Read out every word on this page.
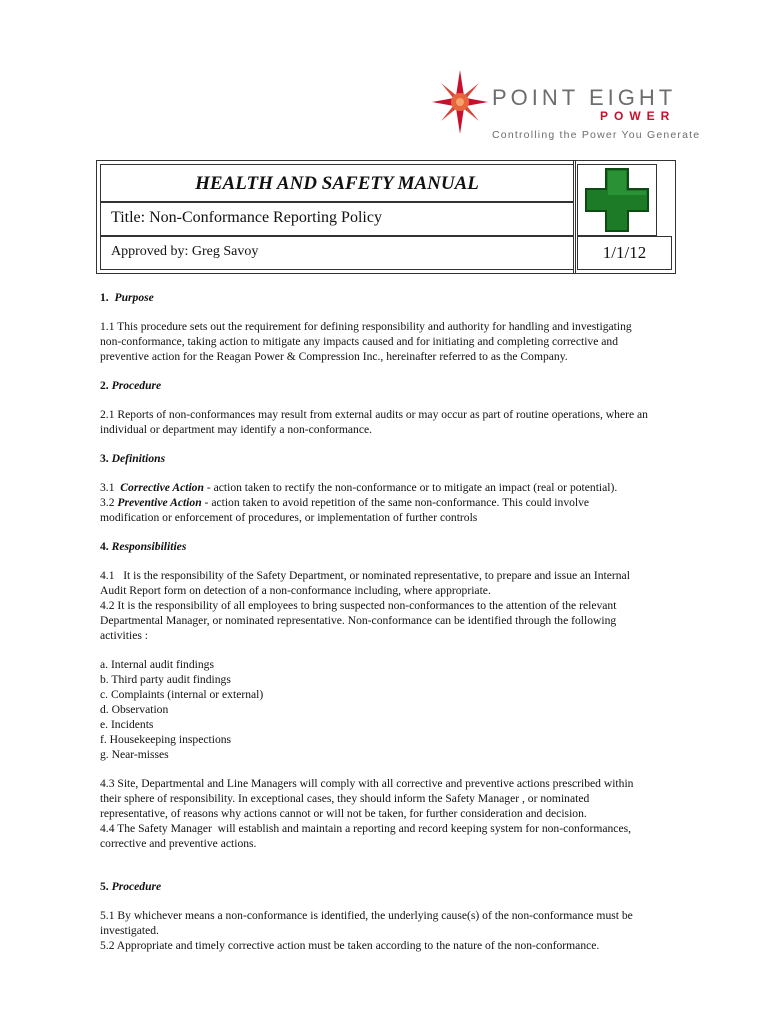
POINT EIGHT
POWER
Controlling the Power You Generate
HEALTH AND SAFETY MANUAL
Title: Non-Conformance Reporting Policy
Approved by: Greg Savoy	1/1/12

1. Purpose

1.1 This procedure sets out the requirement for defining responsibility and authority for handling and investigating

non-conformance, taking action to mitigate any impacts caused and for initiating and completing corrective and

preventive action for the Reagan Power & Compression Inc., hereinafter referred to as the Company.

2. Procedure

2.1 Reports of non-conformances may result from external audits or may occur as part of routine operations, where an

individual or department may identify a non-conformance.

3. Definitions

3.1 Corrective Action - action taken to rectify the non-conformance or to mitigate an impact (real or potential).

3.2 Preventive Action - action taken to avoid repetition of the same non-conformance. This could involve

modification or enforcement of procedures, or implementation of further controls

4. Responsibilities

4.1   It is the responsibility of the Safety Department, or nominated representative, to prepare and issue an Internal

Audit Report form on detection of a non-conformance including, where appropriate.

4.2 It is the responsibility of all employees to bring suspected non-conformances to the attention of the relevant

Departmental Manager, or nominated representative. Non-conformance can be identified through the following

activities :

a. Internal audit findings

b. Third party audit findings

c. Complaints (internal or external)

d. Observation

e. Incidents

f. Housekeeping inspections

g. Near-misses

4.3 Site, Departmental and Line Managers will comply with all corrective and preventive actions prescribed within

their sphere of responsibility. In exceptional cases, they should inform the Safety Manager , or nominated

representative, of reasons why actions cannot or will not be taken, for further consideration and decision.

4.4 The Safety Manager  will establish and maintain a reporting and record keeping system for non-conformances,

corrective and preventive actions.

5. Procedure

5.1 By whichever means a non-conformance is identified, the underlying cause(s) of the non-conformance must be

investigated.

5.2 Appropriate and timely corrective action must be taken according to the nature of the non-conformance.
